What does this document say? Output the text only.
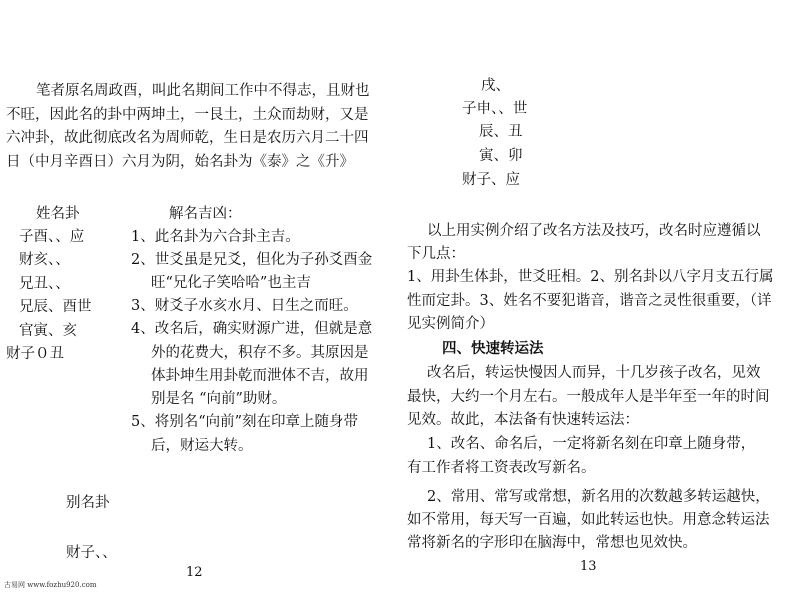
笔者原名周政酉，叫此名期间工作中不得志，且财也
不旺，因此名的卦中两坤土，一艮土，土众而劫财，又是
六冲卦，故此彻底改名为周师乾，生日是农历六月二十四
日（中月辛酉日）六月为阴，始名卦为《泰》之《升》
姓名卦
子酉、、应
财亥、、
兄丑、、
兄辰、酉世
官寅、亥
财子０丑
解名吉凶：
1、此名卦为六合卦主吉。
2、世爻虽是兄爻，但化为子孙爻酉金
旺“兄化子笑哈哈”也主吉
3、财爻子水亥水月、日生之而旺。
4、改名后，确实财源广进，但就是意
外的花费大，积存不多。其原因是
体卦坤生用卦乾而泄体不吉，故用
别是名 “向前”助财。
5、将别名“向前”刻在印章上随身带
后，财运大转。
别名卦
财子、、
12
戌、
子申、、世
辰、丑
寅、卯
财子、应
以上用实例介绍了改名方法及技巧，改名时应遵循以
下几点：
1、用卦生体卦，世爻旺相。2、别名卦以八字月支五行属
性而定卦。3、姓名不要犯谐音，谐音之灵性很重要，（详
见实例简介）
四、快速转运法
改名后，转运快慢因人而异，十几岁孩子改名，见效
最快，大约一个月左右。一般成年人是半年至一年的时间
见效。故此，本法备有快速转运法：
1、改名、命名后，一定将新名刻在印章上随身带，
有工作者将工资表改写新名。
2、常用、常写或常想，新名用的次数越多转运越快，
如不常用，每天写一百遍，如此转运也快。用意念转运法
常将新名的字形印在脑海中，常想也见效快。
13
古易网 www.fozhu920.com
